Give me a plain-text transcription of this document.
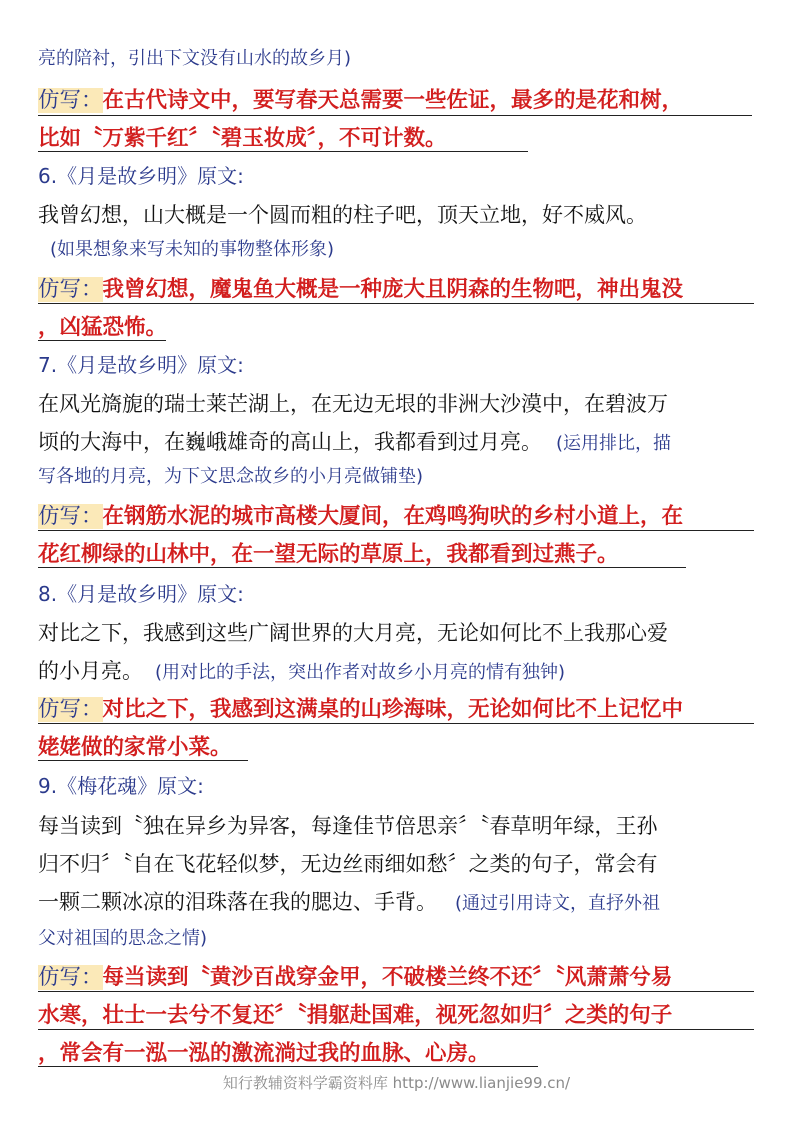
亮的陪衬，引出下文没有山水的故乡月)
仿写：在古代诗文中，要写春天总需要一些佐证，最多的是花和树，
比如〝万紫千红〞〝碧玉妆成〞，不可计数。
6.《月是故乡明》原文:
我曾幻想，山大概是一个圆而粗的柱子吧，顶天立地，好不威风。
(如果想象来写未知的事物整体形象)
仿写：我曾幻想，魔鬼鱼大概是一种庞大且阴森的生物吧，神出鬼没
，凶猛恐怖。
7.《月是故乡明》原文:
在风光旖旎的瑞士莱芒湖上，在无边无垠的非洲大沙漠中，在碧波万
顷的大海中，在巍峨雄奇的高山上，我都看到过月亮。 (运用排比，描
写各地的月亮，为下文思念故乡的小月亮做铺垫)
仿写：在钢筋水泥的城市高楼大厦间，在鸡鸣狗吠的乡村小道上，在
花红柳绿的山林中，在一望无际的草原上，我都看到过燕子。
8.《月是故乡明》原文:
对比之下，我感到这些广阔世界的大月亮，无论如何比不上我那心爱
的小月亮。 (用对比的手法，突出作者对故乡小月亮的情有独钟)
仿写：对比之下，我感到这满桌的山珍海味，无论如何比不上记忆中
姥姥做的家常小菜。
9.《梅花魂》原文:
每当读到〝独在异乡为异客，每逢佳节倍思亲〞〝春草明年绿，王孙
归不归〞〝自在飞花轻似梦，无边丝雨细如愁〞之类的句子，常会有
一颗二颗冰凉的泪珠落在我的腮边、手背。 (通过引用诗文，直抒外祖
父对祖国的思念之情)
仿写：每当读到〝黄沙百战穿金甲，不破楼兰终不还〞〝风萧萧兮易
水寒，壮士一去兮不复还〞〝捐躯赴国难，视死忽如归〞之类的句子
，常会有一泓一泓的激流淌过我的血脉、心房。
知行教辅资料学霸资料库 http://www.lianjie99.cn/
